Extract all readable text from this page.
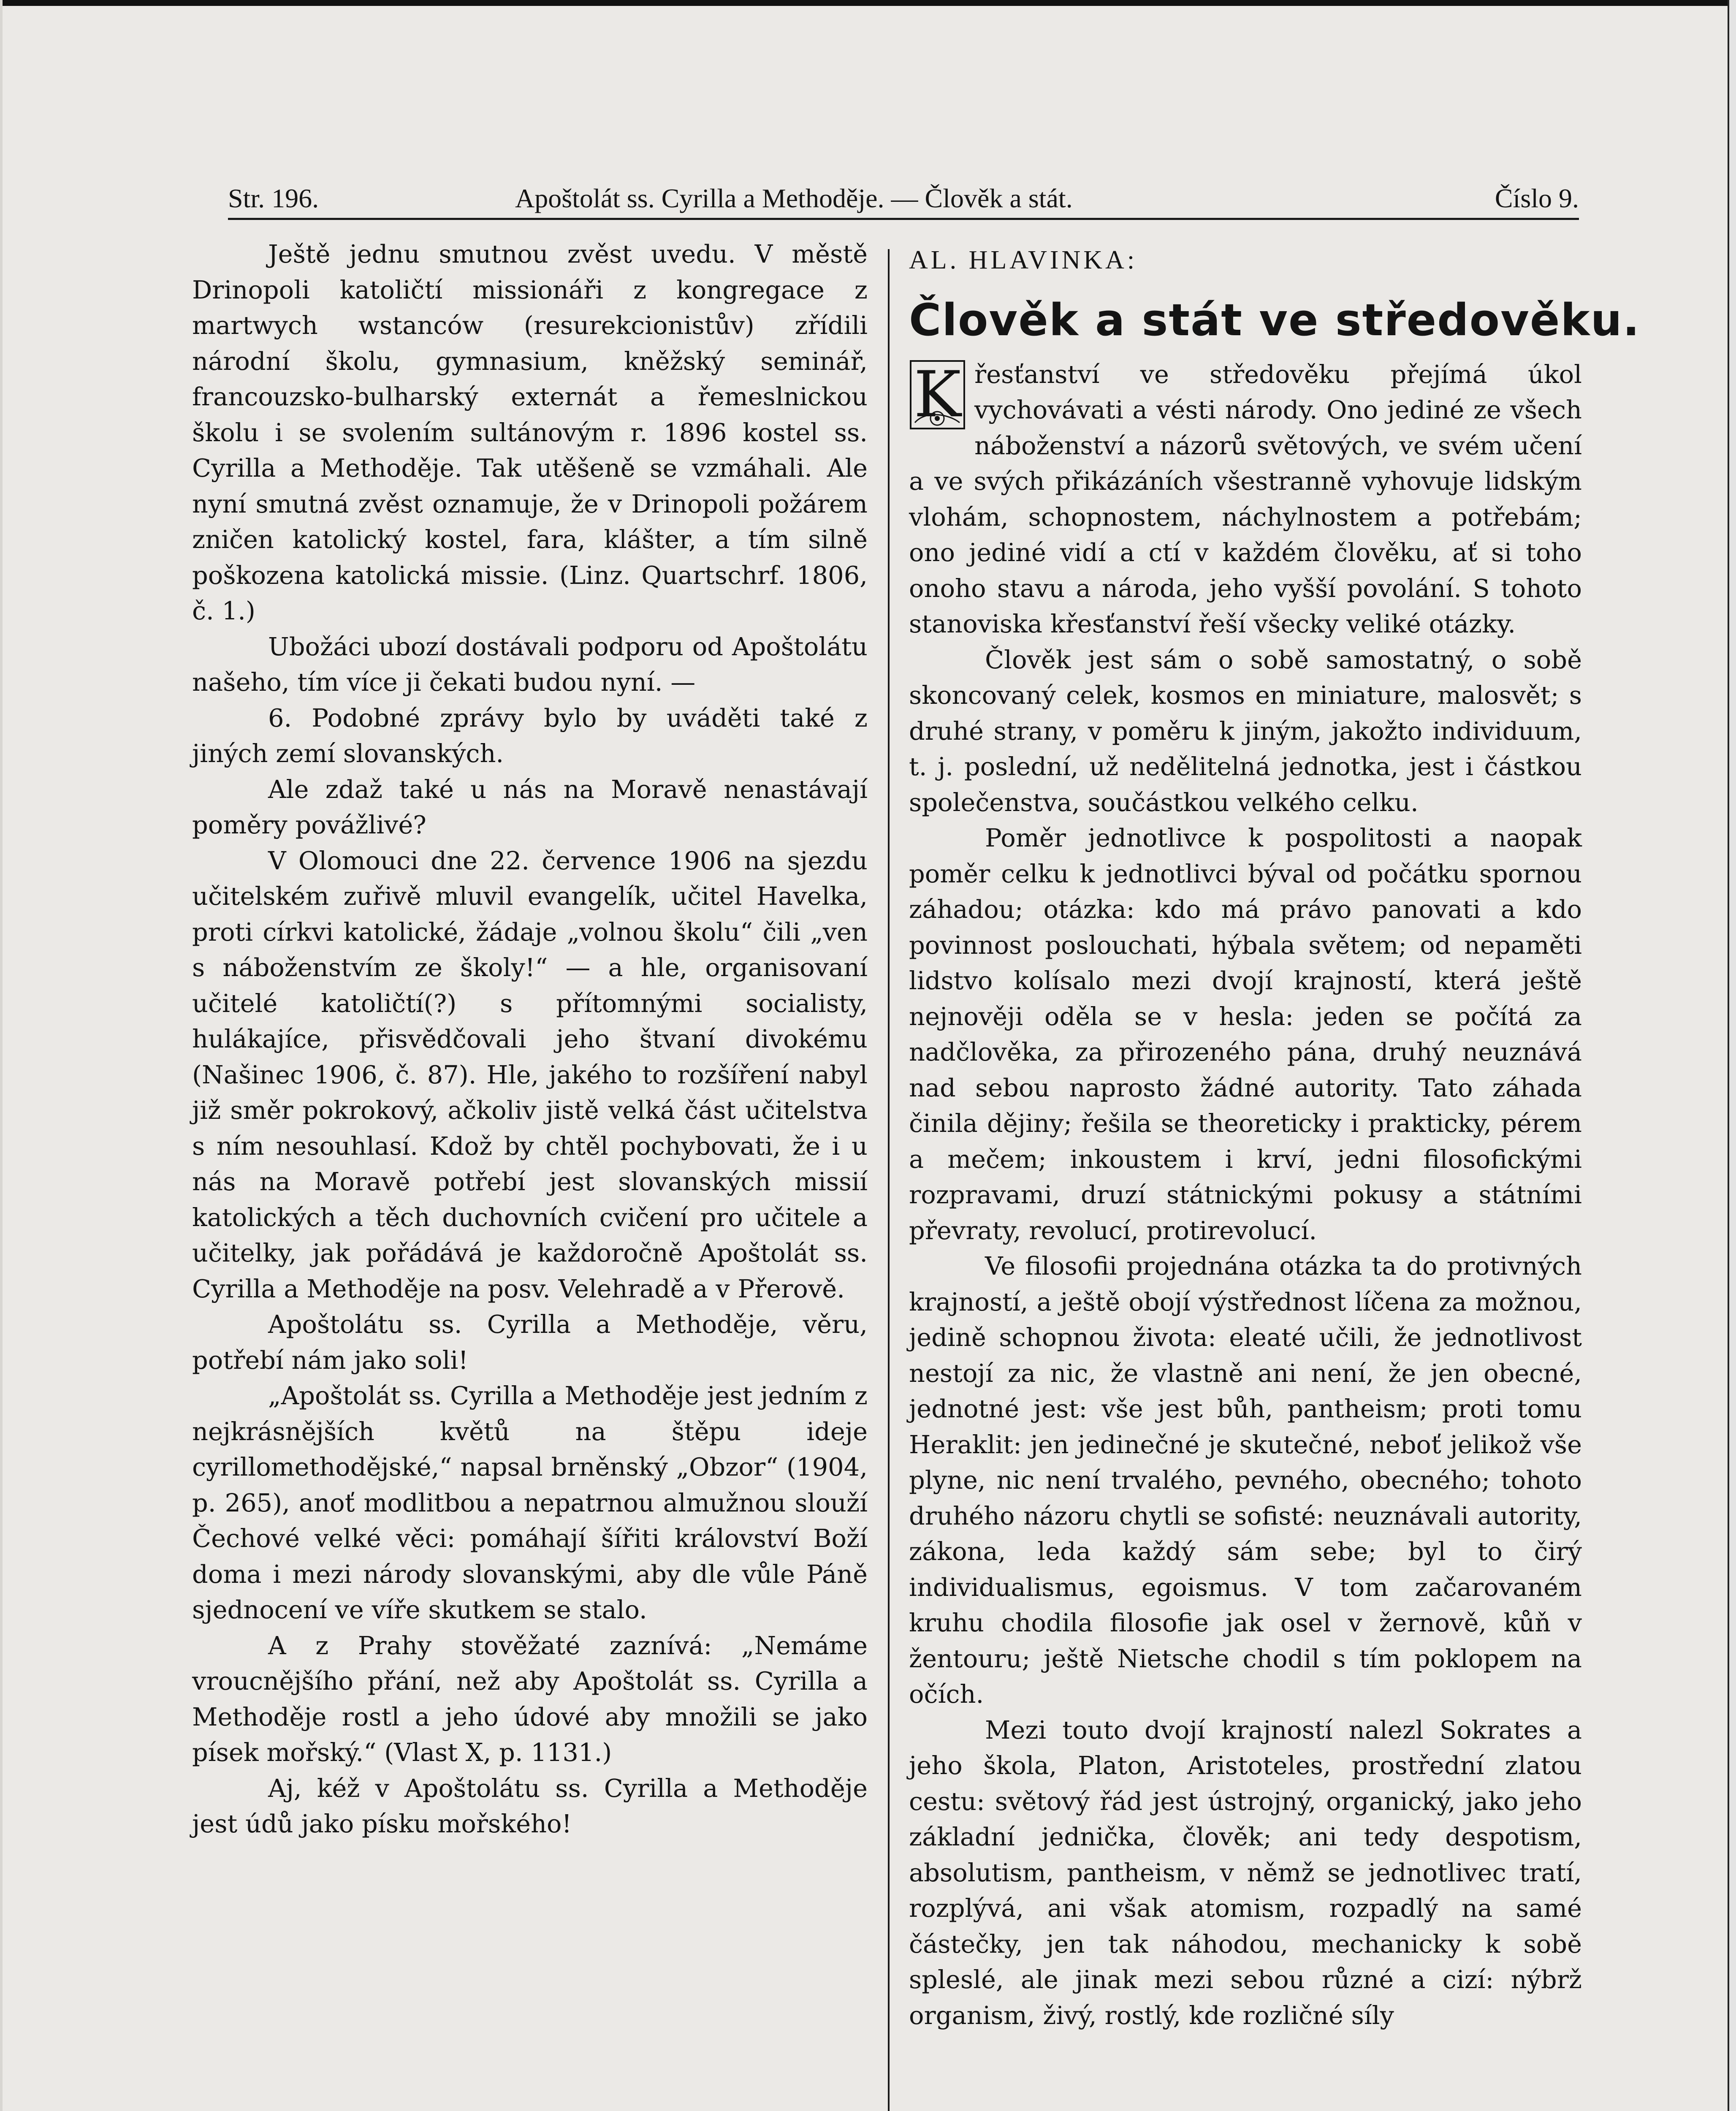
Str. 196.	Apoštolát ss. Cyrilla a Methoděje. — Člověk a stát.	Číslo 9.

Ještě jednu smutnou zvěst uvedu. V městě Drinopoli katoličtí missionáři z kongregace z martwych wstanców (resurekcionistův) zřídili národní školu, gymnasium, kněžský seminář, francouzsko-bulharský externát a řemeslnickou školu i se svolením sultánovým r. 1896 kostel ss. Cyrilla a Methoděje. Tak utěšeně se vzmáhali. Ale nyní smutná zvěst oznamuje, že v Drinopoli požárem zničen katolický kostel, fara, klášter, a tím silně poškozena katolická missie. (Linz. Quartschrf. 1806, č. 1.)

Ubožáci ubozí dostávali podporu od Apoštolátu našeho, tím více ji čekati budou nyní. —

6. Podobné zprávy bylo by uváděti také z jiných zemí slovanských.

Ale zdaž také u nás na Moravě nenastávají poměry povážlivé?

V Olomouci dne 22. července 1906 na sjezdu učitelském zuřivě mluvil evangelík, učitel Havelka, proti církvi katolické, žádaje „volnou školu“ čili „ven s náboženstvím ze školy!“ — a hle, organisovaní učitelé katoličtí(?) s přítomnými socialisty, hulákajíce, přisvědčovali jeho štvaní divokému (Našinec 1906, č. 87). Hle, jakého to rozšíření nabyl již směr pokrokový, ačkoliv jistě velká část učitelstva s ním nesouhlasí. Kdož by chtěl pochybovati, že i u nás na Moravě potřebí jest slovanských missií katolických a těch duchovních cvičení pro učitele a učitelky, jak pořádává je každoročně Apoštolát ss. Cyrilla a Methoděje na posv. Velehradě a v Přerově.

Apoštolátu ss. Cyrilla a Methoděje, věru, potřebí nám jako soli!

„Apoštolát ss. Cyrilla a Methoděje jest jedním z nejkrásnějších květů na štěpu ideje cyrillomethodějské,“ napsal brněnský „Obzor“ (1904, p. 265), anoť modlitbou a nepatrnou almužnou slouží Čechové velké věci: pomáhají šířiti království Boží doma i mezi národy slovanskými, aby dle vůle Páně sjednocení ve víře skutkem se stalo.

A z Prahy stověžaté zaznívá: „Nemáme vroucnějšího přání, než aby Apoštolát ss. Cyrilla a Methoděje rostl a jeho údové aby množili se jako písek mořský.“ (Vlast X, p. 1131.)

Aj, kéž v Apoštolátu ss. Cyrilla a Methoděje jest údů jako písku mořského!

AL. HLAVINKA:
Člověk a stát ve středověku.

K řesťanství ve středověku přejímá úkol vychovávati a vésti národy. Ono jediné ze všech náboženství a názorů světových, ve svém učení a ve svých přikázáních všestranně vyhovuje lidským vlohám, schopnostem, náchylnostem a potřebám; ono jediné vidí a ctí v každém člověku, ať si toho onoho stavu a národa, jeho vyšší povolání. S tohoto stanoviska křesťanství řeší všecky veliké otázky.

Člověk jest sám o sobě samostatný, o sobě skoncovaný celek, kosmos en miniature, malosvět; s druhé strany, v poměru k jiným, jakožto individuum, t. j. poslední, už nedělitelná jednotka, jest i částkou společenstva, součástkou velkého celku.

Poměr jednotlivce k pospolitosti a naopak poměr celku k jednotlivci býval od počátku spornou záhadou; otázka: kdo má právo panovati a kdo povinnost poslouchati, hýbala světem; od nepaměti lidstvo kolísalo mezi dvojí krajností, která ještě nejnověji oděla se v hesla: jeden se počítá za nadčlověka, za přirozeného pána, druhý neuznává nad sebou naprosto žádné autority. Tato záhada činila dějiny; řešila se theoreticky i prakticky, pérem a mečem; inkoustem i krví, jedni filosofickými rozpravami, druzí státnickými pokusy a státními převraty, revolucí, protirevolucí.

Ve filosofii projednána otázka ta do protivných krajností, a ještě obojí výstřednost líčena za možnou, jedině schopnou života: eleaté učili, že jednotlivost nestojí za nic, že vlastně ani není, že jen obecné, jednotné jest: vše jest bůh, pantheism; proti tomu Heraklit: jen jedinečné je skutečné, neboť jelikož vše plyne, nic není trvalého, pevného, obecného; tohoto druhého názoru chytli se sofisté: neuznávali autority, zákona, leda každý sám sebe; byl to čirý individualismus, egoismus. V tom začarovaném kruhu chodila filosofie jak osel v žernově, kůň v žentouru; ještě Nietsche chodil s tím poklopem na očích.

Mezi touto dvojí krajností nalezl Sokrates a jeho škola, Platon, Aristoteles, prostřední zlatou cestu: světový řád jest ústrojný, organický, jako jeho základní jednička, člověk; ani tedy despotism, absolutism, pantheism, v němž se jednotlivec tratí, rozplývá, ani však atomism, rozpadlý na samé částečky, jen tak náhodou, mechanicky k sobě spleslé, ale jinak mezi sebou různé a cizí: nýbrž organism, živý, rostlý, kde rozličné síly
